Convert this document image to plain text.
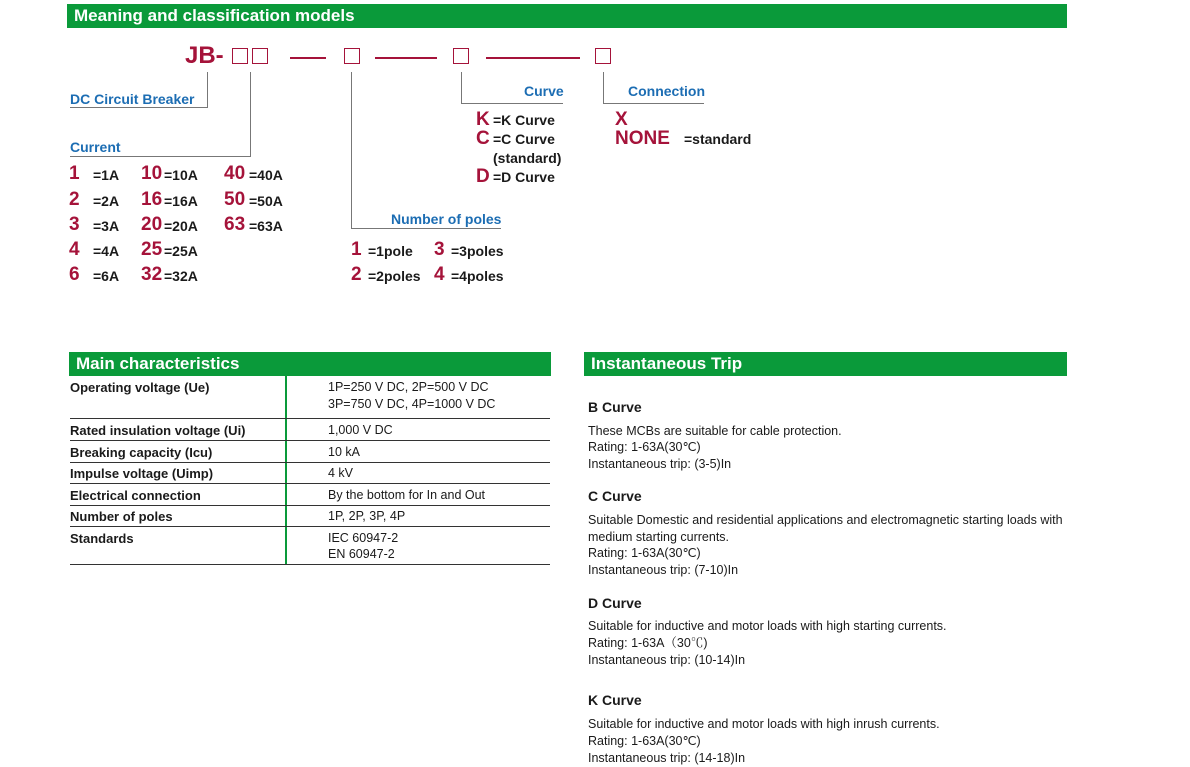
Meaning and classification models
JB-
DC Circuit Breaker
Current
Number of poles
Curve	Connection
1 =1A 10 =10A 40 =40A
2 =2A 16 =16A 50 =50A
3 =3A 20 =20A 63 =63A
4 =4A 25 =25A
6 =6A 32 =32A
1 =1pole 3 =3poles
2 =2poles 4 =4poles
K =K Curve
C =C Curve
(standard)
D =D Curve
X
NONE =standard
Main characteristics
Operating voltage (Ue)	1P=250 V DC, 2P=500 V DC
3P=750 V DC, 4P=1000 V DC
Rated insulation voltage (Ui)	1,000 V DC
Breaking capacity (Icu)	10 kA
Impulse voltage (Uimp)	4 kV
Electrical connection	By the bottom for In and Out
Number of poles	1P, 2P, 3P, 4P
Standards	IEC 60947-2
EN 60947-2
Instantaneous Trip
B Curve
These MCBs are suitable for cable protection.
Rating: 1-63A(30℃)
Instantaneous trip: (3-5)In
C Curve
Suitable Domestic and residential applications and electromagnetic starting loads with medium starting currents.
Rating: 1-63A(30℃)
Instantaneous trip: (7-10)In
D Curve
Suitable for inductive and motor loads with high starting currents.
Rating: 1-63A（30℃)
Instantaneous trip: (10-14)In
K Curve
Suitable for inductive and motor loads with high inrush currents.
Rating: 1-63A(30℃)
Instantaneous trip: (14-18)In
